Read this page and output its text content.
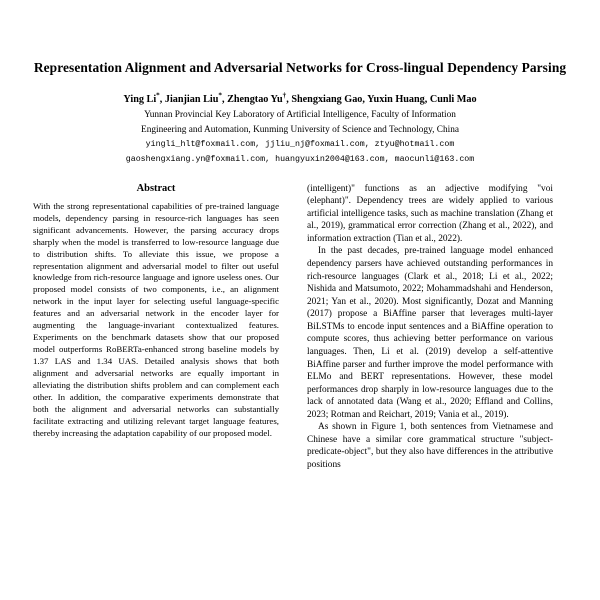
Representation Alignment and Adversarial Networks for Cross-lingual Dependency Parsing
Ying Li*, Jianjian Liu*, Zhengtao Yu†, Shengxiang Gao, Yuxin Huang, Cunli Mao
Yunnan Provincial Key Laboratory of Artificial Intelligence, Faculty of Information
Engineering and Automation, Kunming University of Science and Technology, China
yingli_hlt@foxmail.com, jjliu_nj@foxmail.com, ztyu@hotmail.com
gaoshengxiang.yn@foxmail.com, huangyuxin2004@163.com, maocunli@163.com
Abstract

With the strong representational capabilities of pre-trained language models, dependency parsing in resource-rich languages has seen significant advancements. However, the parsing accuracy drops sharply when the model is transferred to low-resource language due to distribution shifts. To alleviate this issue, we propose a representation alignment and adversarial model to filter out useful knowledge from rich-resource language and ignore useless ones. Our proposed model consists of two components, i.e., an alignment network in the input layer for selecting useful language-specific features and an adversarial network in the encoder layer for augmenting the language-invariant contextualized features. Experiments on the benchmark datasets show that our proposed model outperforms RoBERTa-enhanced strong baseline models by 1.37 LAS and 1.34 UAS. Detailed analysis shows that both alignment and adversarial networks are equally important in alleviating the distribution shifts problem and can complement each other. In addition, the comparative experiments demonstrate that both the alignment and adversarial networks can substantially facilitate extracting and utilizing relevant target language features, thereby increasing the adaptation capability of our proposed model.

(intelligent)" functions as an adjective modifying "voi (elephant)". Dependency trees are widely applied to various artificial intelligence tasks, such as machine translation (Zhang et al., 2019), grammatical error correction (Zhang et al., 2022), and information extraction (Tian et al., 2022).

In the past decades, pre-trained language model enhanced dependency parsers have achieved outstanding performances in rich-resource languages (Clark et al., 2018; Li et al., 2022; Nishida and Matsumoto, 2022; Mohammadshahi and Henderson, 2021; Yan et al., 2020). Most significantly, Dozat and Manning (2017) propose a BiAffine parser that leverages multi-layer BiLSTMs to encode input sentences and a BiAffine operation to compute scores, thus achieving better performance on various languages. Then, Li et al. (2019) develop a self-attentive BiAffine parser and further improve the model performance with ELMo and BERT representations. However, these model performances drop sharply in low-resource languages due to the lack of annotated data (Wang et al., 2020; Effland and Collins, 2023; Rotman and Reichart, 2019; Vania et al., 2019).

As shown in Figure 1, both sentences from Vietnamese and Chinese have a similar core grammatical structure "subject-predicate-object", but they also have differences in the attributive positions
